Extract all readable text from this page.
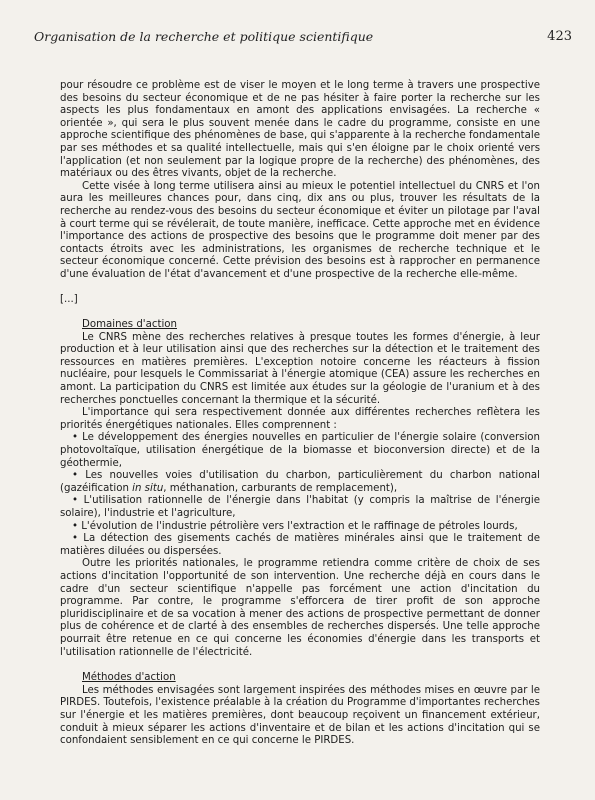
Organisation de la recherche et politique scientifique	423

pour résoudre ce problème est de viser le moyen et le long terme à travers une prospective des besoins du secteur économique et de ne pas hésiter à faire porter la recherche sur les aspects les plus fondamentaux en amont des applications envisagées. La recherche « orientée », qui sera le plus souvent menée dans le cadre du programme, consiste en une approche scientifique des phénomènes de base, qui s'apparente à la recherche fondamentale par ses méthodes et sa qualité intellectuelle, mais qui s'en éloigne par le choix orienté vers l'application (et non seulement par la logique propre de la recherche) des phénomènes, des matériaux ou des êtres vivants, objet de la recherche.

Cette visée à long terme utilisera ainsi au mieux le potentiel intellectuel du CNRS et l'on aura les meilleures chances pour, dans cinq, dix ans ou plus, trouver les résultats de la recherche au rendez-vous des besoins du secteur économique et éviter un pilotage par l'aval à court terme qui se révélerait, de toute manière, inefficace. Cette approche met en évidence l'importance des actions de prospective des besoins que le programme doit mener par des contacts étroits avec les administrations, les organismes de recherche technique et le secteur économique concerné. Cette prévision des besoins est à rapprocher en permanence d'une évaluation de l'état d'avancement et d'une prospective de la recherche elle-même.

[...]

Domaines d'action

Le CNRS mène des recherches relatives à presque toutes les formes d'énergie, à leur production et à leur utilisation ainsi que des recherches sur la détection et le traitement des ressources en matières premières. L'exception notoire concerne les réacteurs à fission nucléaire, pour lesquels le Commissariat à l'énergie atomique (CEA) assure les recherches en amont. La participation du CNRS est limitée aux études sur la géologie de l'uranium et à des recherches ponctuelles concernant la thermique et la sécurité.

L'importance qui sera respectivement donnée aux différentes recherches reflètera les priorités énergétiques nationales. Elles comprennent :

• Le développement des énergies nouvelles en particulier de l'énergie solaire (conversion photovoltaïque, utilisation énergétique de la biomasse et bioconversion directe) et de la géothermie,

• Les nouvelles voies d'utilisation du charbon, particulièrement du charbon national (gazéification in situ, méthanation, carburants de remplacement),

• L'utilisation rationnelle de l'énergie dans l'habitat (y compris la maîtrise de l'énergie solaire), l'industrie et l'agriculture,

• L'évolution de l'industrie pétrolière vers l'extraction et le raffinage de pétroles lourds,

• La détection des gisements cachés de matières minérales ainsi que le traitement de matières diluées ou dispersées.

Outre les priorités nationales, le programme retiendra comme critère de choix de ses actions d'incitation l'opportunité de son intervention. Une recherche déjà en cours dans le cadre d'un secteur scientifique n'appelle pas forcément une action d'incitation du programme. Par contre, le programme s'efforcera de tirer profit de son approche pluridisciplinaire et de sa vocation à mener des actions de prospective permettant de donner plus de cohérence et de clarté à des ensembles de recherches dispersés. Une telle approche pourrait être retenue en ce qui concerne les économies d'énergie dans les transports et l'utilisation rationnelle de l'électricité.

Méthodes d'action

Les méthodes envisagées sont largement inspirées des méthodes mises en œuvre par le PIRDES. Toutefois, l'existence préalable à la création du Programme d'importantes recherches sur l'énergie et les matières premières, dont beaucoup reçoivent un financement extérieur, conduit à mieux séparer les actions d'inventaire et de bilan et les actions d'incitation qui se confondaient sensiblement en ce qui concerne le PIRDES.
